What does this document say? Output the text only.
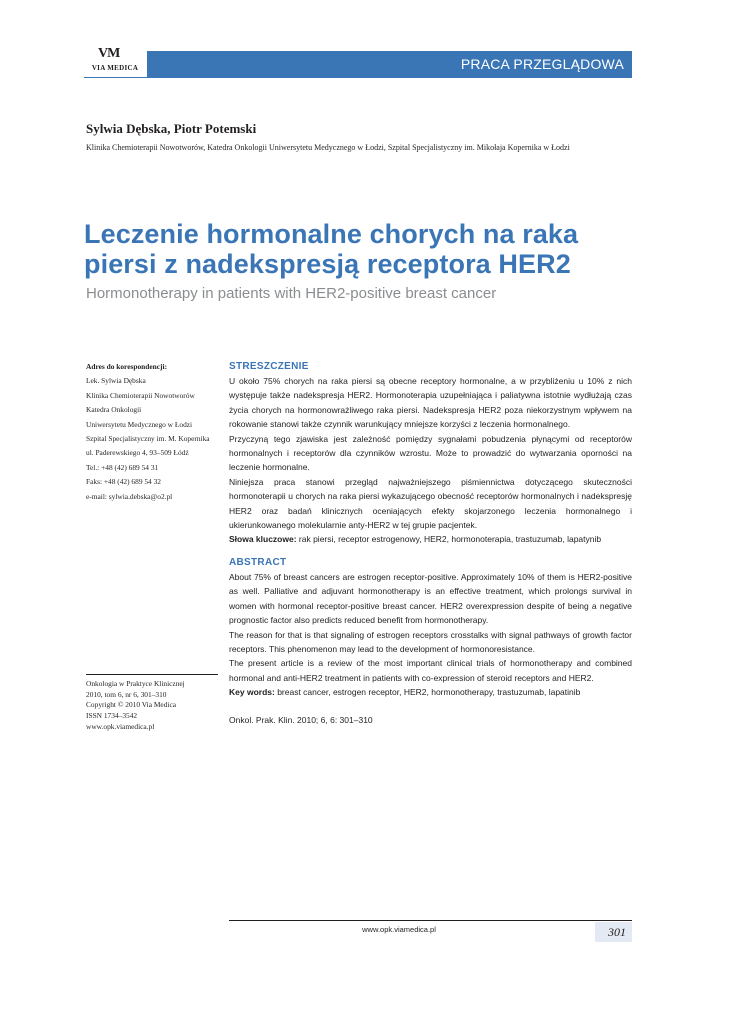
VM
VIA MEDICA	PRACA PRZEGLĄDOWA
Sylwia Dębska, Piotr Potemski
Klinika Chemioterapii Nowotworów, Katedra Onkologii Uniwersytetu Medycznego w Łodzi, Szpital Specjalistyczny im. Mikołaja Kopernika w Łodzi
Leczenie hormonalne chorych na raka
piersi z nadekspresją receptora HER2
Hormonotherapy in patients with HER2-positive breast cancer
Adres do korespondencji:
Lek. Sylwia Dębska
Klinika Chemioterapii Nowotworów
Katedra Onkologii
Uniwersytetu Medycznego w Łodzi
Szpital Specjalistyczny im. M. Kopernika
ul. Paderewskiego 4, 93–509 Łódź
Tel.: +48 (42) 689 54 31
Faks: +48 (42) 689 54 32
e-mail: sylwia.debska@o2.pl
Onkologia w Praktyce Klinicznej
2010, tom 6, nr 6, 301–310
Copyright © 2010 Via Medica
ISSN 1734–3542
www.opk.viamedica.pl
STRESZCZENIE

U około 75% chorych na raka piersi są obecne receptory hormonalne, a w przybliżeniu u 10% z nich występuje także nadekspresja HER2. Hormonoterapia uzupełniająca i paliatywna istotnie wydłużają czas życia chorych na hormonowrażliwego raka piersi. Nadekspresja HER2 poza niekorzystnym wpływem na rokowanie stanowi także czynnik warunkujący mniejsze korzyści z leczenia hormonalnego.

Przyczyną tego zjawiska jest zależność pomiędzy sygnałami pobudzenia płynącymi od receptorów hormonalnych i receptorów dla czynników wzrostu. Może to prowadzić do wytwarzania oporności na leczenie hormonalne.

Niniejsza praca stanowi przegląd najważniejszego piśmiennictwa dotyczącego skuteczności hormonoterapii u chorych na raka piersi wykazującego obecność receptorów hormonalnych i nadekspresję HER2 oraz badań klinicznych oceniających efekty skojarzonego leczenia hormonalnego i ukierunkowanego molekularnie anty-HER2 w tej grupie pacjentek.

Słowa kluczowe: rak piersi, receptor estrogenowy, HER2, hormonoterapia, trastuzumab, lapatynib

ABSTRACT

About 75% of breast cancers are estrogen receptor-positive. Approximately 10% of them is HER2-positive as well. Palliative and adjuvant hormonotherapy is an effective treatment, which prolongs survival in women with hormonal receptor-positive breast cancer. HER2 overexpression despite of being a negative prognostic factor also predicts reduced benefit from hormonotherapy.

The reason for that is that signaling of estrogen receptors crosstalks with signal pathways of growth factor receptors. This phenomenon may lead to the development of hormonoresistance.

The present article is a review of the most important clinical trials of hormonotherapy and combined hormonal and anti-HER2 treatment in patients with co-expression of steroid receptors and HER2.

Key words: breast cancer, estrogen receptor, HER2, hormonotherapy, trastuzumab, lapatinib

Onkol. Prak. Klin. 2010; 6, 6: 301–310

www.opk.viamedica.pl	301
